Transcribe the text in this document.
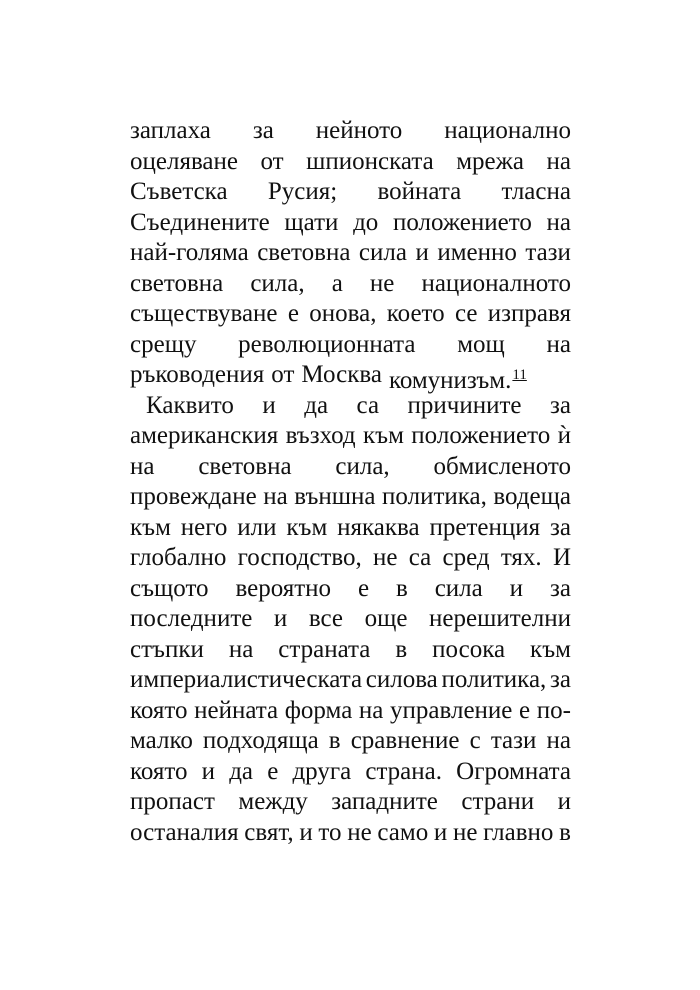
заплаха за нейното национално
оцеляване от шпионската мрежа на
Съветска Русия; войната тласна
Съединените щати до положението на
най-голяма световна сила и именно тази
световна сила, а не националното
съществуване е онова, което се изправя
срещу революционната мощ на
ръководения от Москва комунизъм.$^{11}$
Каквито и да са причините за
американския възход към положението ѝ
на световна сила, обмисленото
провеждане на външна политика, водеща
към него или към някаква претенция за
глобално господство, не са сред тях. И
същото вероятно е в сила и за
последните и все още нерешителни
стъпки на страната в посока към
империалистическата силова политика, за
която нейната форма на управление е по-
малко подходяща в сравнение с тази на
която и да е друга страна. Огромната
пропаст между западните страни и
останалия свят, и то не само и не главно в
